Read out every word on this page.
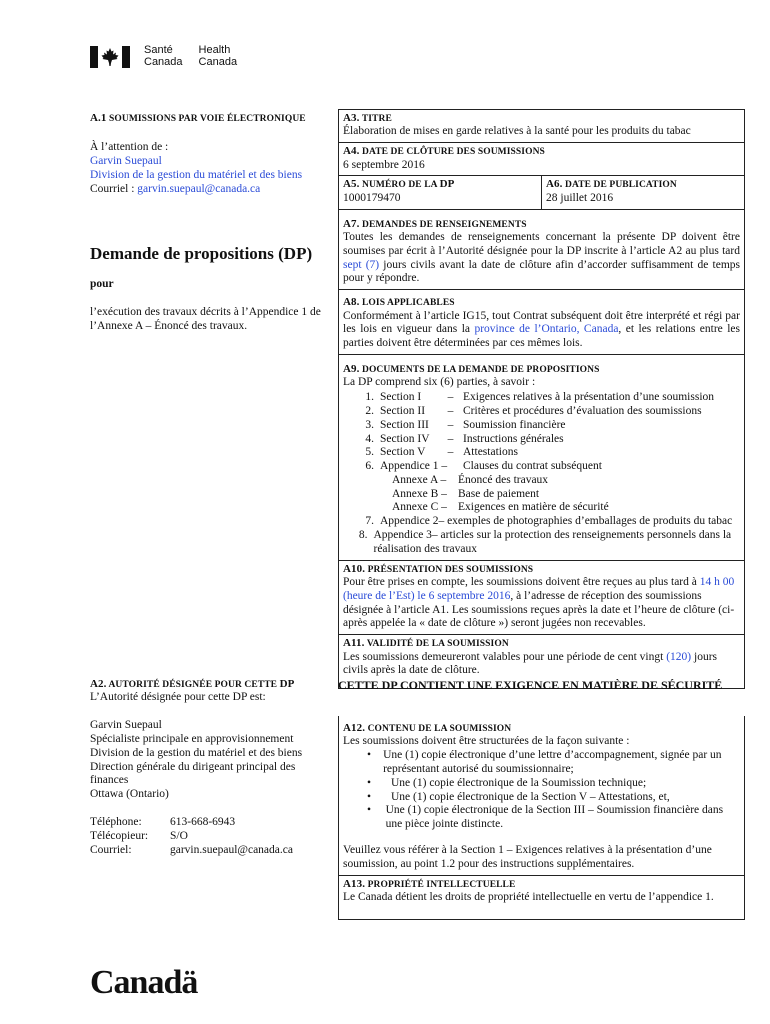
Santé
Canada
Health
Canada
A.1 SOUMISSIONS PAR VOIE ÉLECTRONIQUE
À l’attention de :
Garvin Suepaul
Division de la gestion du matériel et des biens
Courriel : garvin.suepaul@canada.ca
Demande de propositions (DP)
pour
l’exécution des travaux décrits à l’Appendice 1 de l’Annexe A – Énoncé des travaux.
A2. AUTORITÉ DÉSIGNÉE POUR CETTE DP
L’Autorité désignée pour cette DP est:
Garvin Suepaul
Spécialiste principale en approvisionnement
Division de la gestion du matériel et des biens
Direction générale du dirigeant principal des finances
Ottawa (Ontario)
Téléphone:	613-668-6943
Télécopieur:	S/O
Courriel:	garvin.suepaul@canada.ca
A3. TITRE
Élaboration de mises en garde relatives à la santé pour les produits du tabac
A4. DATE DE CLÔTURE DES SOUMISSIONS
6 septembre 2016
A5. NUMÉRO DE LA DP
1000179470
A6. DATE DE PUBLICATION
28 juillet 2016
A7. DEMANDES DE RENSEIGNEMENTS
Toutes les demandes de renseignements concernant la présente DP doivent être soumises par écrit à l’Autorité désignée pour la DP inscrite à l’article A2 au plus tard sept (7) jours civils avant la date de clôture afin d’accorder suffisamment de temps pour y répondre.
A8. LOIS APPLICABLES
Conformément à l’article IG15, tout Contrat subséquent doit être interprété et régi par les lois en vigueur dans la province de l’Ontario, Canada, et les relations entre les parties doivent être déterminées par ces mêmes lois.
A9. DOCUMENTS DE LA DEMANDE DE PROPOSITIONS
La DP comprend six (6) parties, à savoir :
1. Section I	– Exigences relatives à la présentation d’une soumission
2. Section II	– Critères et procédures d’évaluation des soumissions
3. Section III	– Soumission financière
4. Section IV	– Instructions générales
5. Section V	– Attestations
6. Appendice 1 –	Clauses du contrat subséquent
Annexe A –	Énoncé des travaux
Annexe B – Base de paiement
Annexe C – Exigences en matière de sécurité
7. Appendice 2– exemples de photographies d’emballages de produits du tabac
8. Appendice 3– articles sur la protection des renseignements personnels dans la réalisation des travaux
A10. PRÉSENTATION DES SOUMISSIONS
Pour être prises en compte, les soumissions doivent être reçues au plus tard à 14 h 00 (heure de l’Est) le 6 septembre 2016, à l’adresse de réception des soumissions désignée à l’article A1. Les soumissions reçues après la date et l’heure de clôture (ci-après appelée la « date de clôture ») seront jugées non recevables.
A11. VALIDITÉ DE LA SOUMISSION
Les soumissions demeureront valables pour une période de cent vingt (120) jours civils après la date de clôture.
CETTE DP CONTIENT UNE EXIGENCE EN MATIÈRE DE SÉCURITÉ
A12. CONTENU DE LA SOUMISSION
Les soumissions doivent être structurées de la façon suivante :
•	Une (1) copie électronique d’une lettre d’accompagnement, signée par un représentant autorisé du soumissionnaire;
•	Une (1) copie électronique de la Soumission technique;
•	Une (1) copie électronique de la Section V – Attestations, et,
•	Une (1) copie électronique de la Section III – Soumission financière dans une pièce jointe distincte.
Veuillez vous référer à la Section 1 – Exigences relatives à la présentation d’une soumission, au point 1.2 pour des instructions supplémentaires.
A13. PROPRIÉTÉ INTELLECTUELLE
Le Canada détient les droits de propriété intellectuelle en vertu de l’appendice 1.
Canadä
